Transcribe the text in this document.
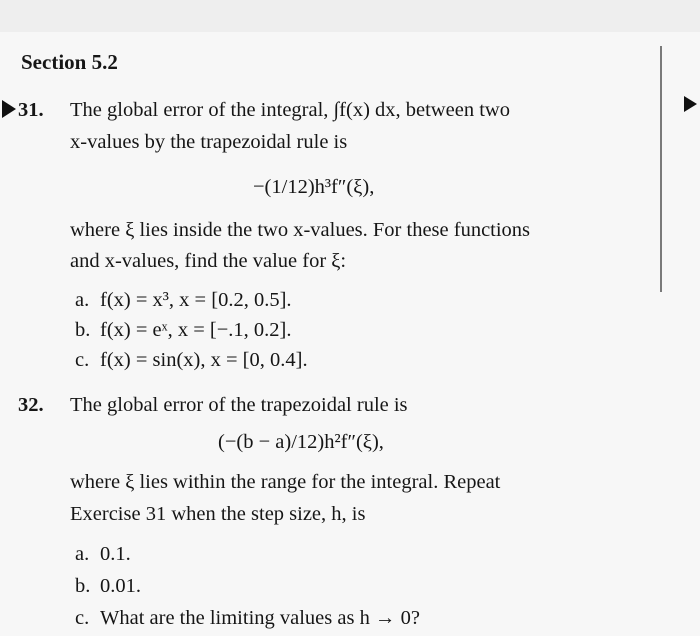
Section 5.2
31. The global error of the integral, ∫f(x) dx, between two
x-values by the trapezoidal rule is
−(1/12)h³f″(ξ),
where ξ lies inside the two x-values. For these functions
and x-values, find the value for ξ:
a. f(x) = x³, x = [0.2, 0.5].
b. f(x) = eˣ, x = [−.1, 0.2].
c. f(x) = sin(x), x = [0, 0.4].
32. The global error of the trapezoidal rule is
(−(b − a)/12)h²f″(ξ),
where ξ lies within the range for the integral. Repeat
Exercise 31 when the step size, h, is
a. 0.1.
b. 0.01.
c. What are the limiting values as h → 0?
